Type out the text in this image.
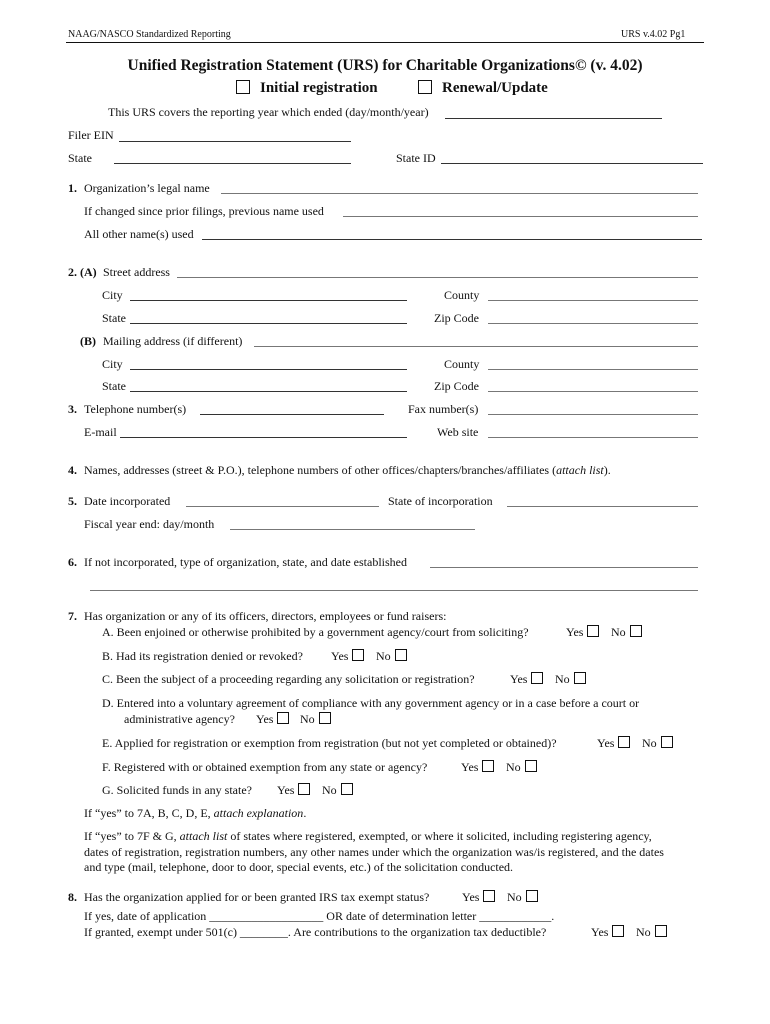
NAAG/NASCO Standardized Reporting	URS v.4.02 Pg1
Unified Registration Statement (URS) for Charitable Organizations© (v. 4.02)
Initial registration	Renewal/Update
This URS covers the reporting year which ended (day/month/year)
Filer EIN
State	State ID
1. Organization’s legal name
If changed since prior filings, previous name used
All other name(s) used
2. (A) Street address
City	County
State	Zip Code
(B) Mailing address (if different)
City	County
State	Zip Code
3. Telephone number(s)	Fax number(s)
E-mail	Web site
4. Names, addresses (street & P.O.), telephone numbers of other offices/chapters/branches/affiliates (attach list).
5. Date incorporated	State of incorporation
Fiscal year end: day/month
6. If not incorporated, type of organization, state, and date established
7. Has organization or any of its officers, directors, employees or fund raisers:
A. Been enjoined or otherwise prohibited by a government agency/court from soliciting?	Yes	No
B. Had its registration denied or revoked? Yes	No
C. Been the subject of a proceeding regarding any solicitation or registration?	Yes	No
D. Entered into a voluntary agreement of compliance with any government agency or in a case before a court or
administrative agency? Yes	No
E. Applied for registration or exemption from registration (but not yet completed or obtained)?	Yes	No
F. Registered with or obtained exemption from any state or agency?	Yes	No
G. Solicited funds in any state? Yes	No
If “yes” to 7A, B, C, D, E, attach explanation.
If “yes” to 7F & G, attach list of states where registered, exempted, or where it solicited, including registering agency,
dates of registration, registration numbers, any other names under which the organization was/is registered, and the dates
and type (mail, telephone, door to door, special events, etc.) of the solicitation conducted.
8. Has the organization applied for or been granted IRS tax exempt status?	Yes	No
If yes, date of application ___________________ OR date of determination letter ____________.
If granted, exempt under 501(c) ________. Are contributions to the organization tax deductible?	Yes	No
